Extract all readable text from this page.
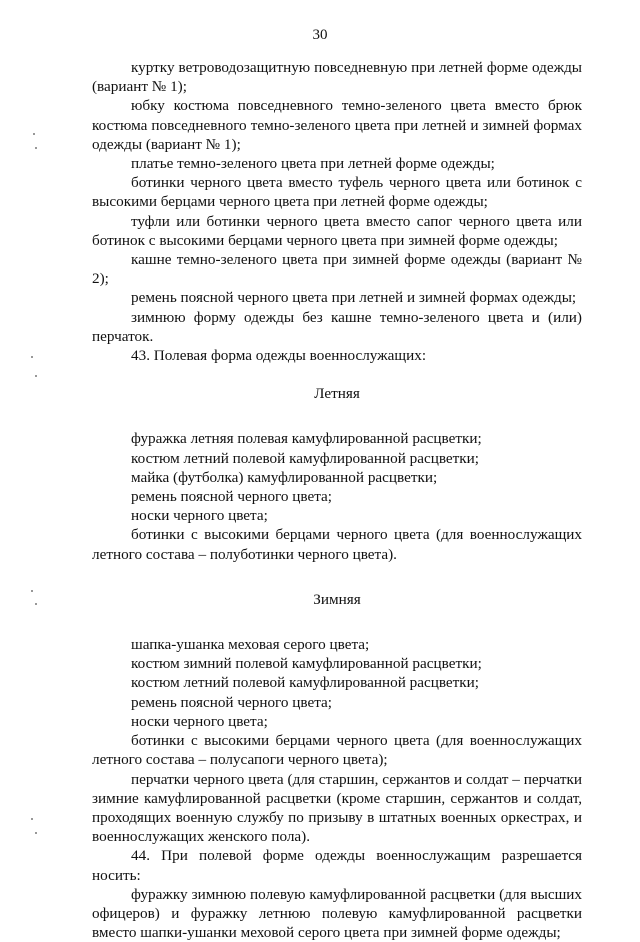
30

куртку ветроводозащитную повседневную при летней форме одежды (вариант № 1);

юбку костюма повседневного темно-зеленого цвета вместо брюк костюма повседневного темно-зеленого цвета при летней и зимней формах одежды (вариант № 1);

платье темно-зеленого цвета при летней форме одежды;

ботинки черного цвета вместо туфель черного цвета или ботинок с высокими берцами черного цвета при летней форме одежды;

туфли или ботинки черного цвета вместо сапог черного цвета или ботинок с высокими берцами черного цвета при зимней форме одежды;

кашне темно-зеленого цвета при зимней форме одежды (вариант № 2);

ремень поясной черного цвета при летней и зимней формах одежды;

зимнюю форму одежды без кашне темно-зеленого цвета и (или) перчаток.

43. Полевая форма одежды военнослужащих:

Летняя

фуражка летняя полевая камуфлированной расцветки;

костюм летний полевой камуфлированной расцветки;

майка (футболка) камуфлированной расцветки;

ремень поясной черного цвета;

носки черного цвета;

ботинки с высокими берцами черного цвета (для военнослужащих летного состава – полуботинки черного цвета).

Зимняя

шапка-ушанка меховая серого цвета;

костюм зимний полевой камуфлированной расцветки;

костюм летний полевой камуфлированной расцветки;

ремень поясной черного цвета;

носки черного цвета;

ботинки с высокими берцами черного цвета (для военнослужащих летного состава – полусапоги черного цвета);

перчатки черного цвета (для старшин, сержантов и солдат – перчатки зимние камуфлированной расцветки (кроме старшин, сержантов и солдат, проходящих военную службу по призыву в штатных военных оркестрах, и военнослужащих женского пола).

44. При полевой форме одежды военнослужащим разрешается носить:

фуражку зимнюю полевую камуфлированной расцветки (для высших офицеров) и фуражку летнюю полевую камуфлированной расцветки вместо шапки-ушанки меховой серого цвета при зимней форме одежды;
